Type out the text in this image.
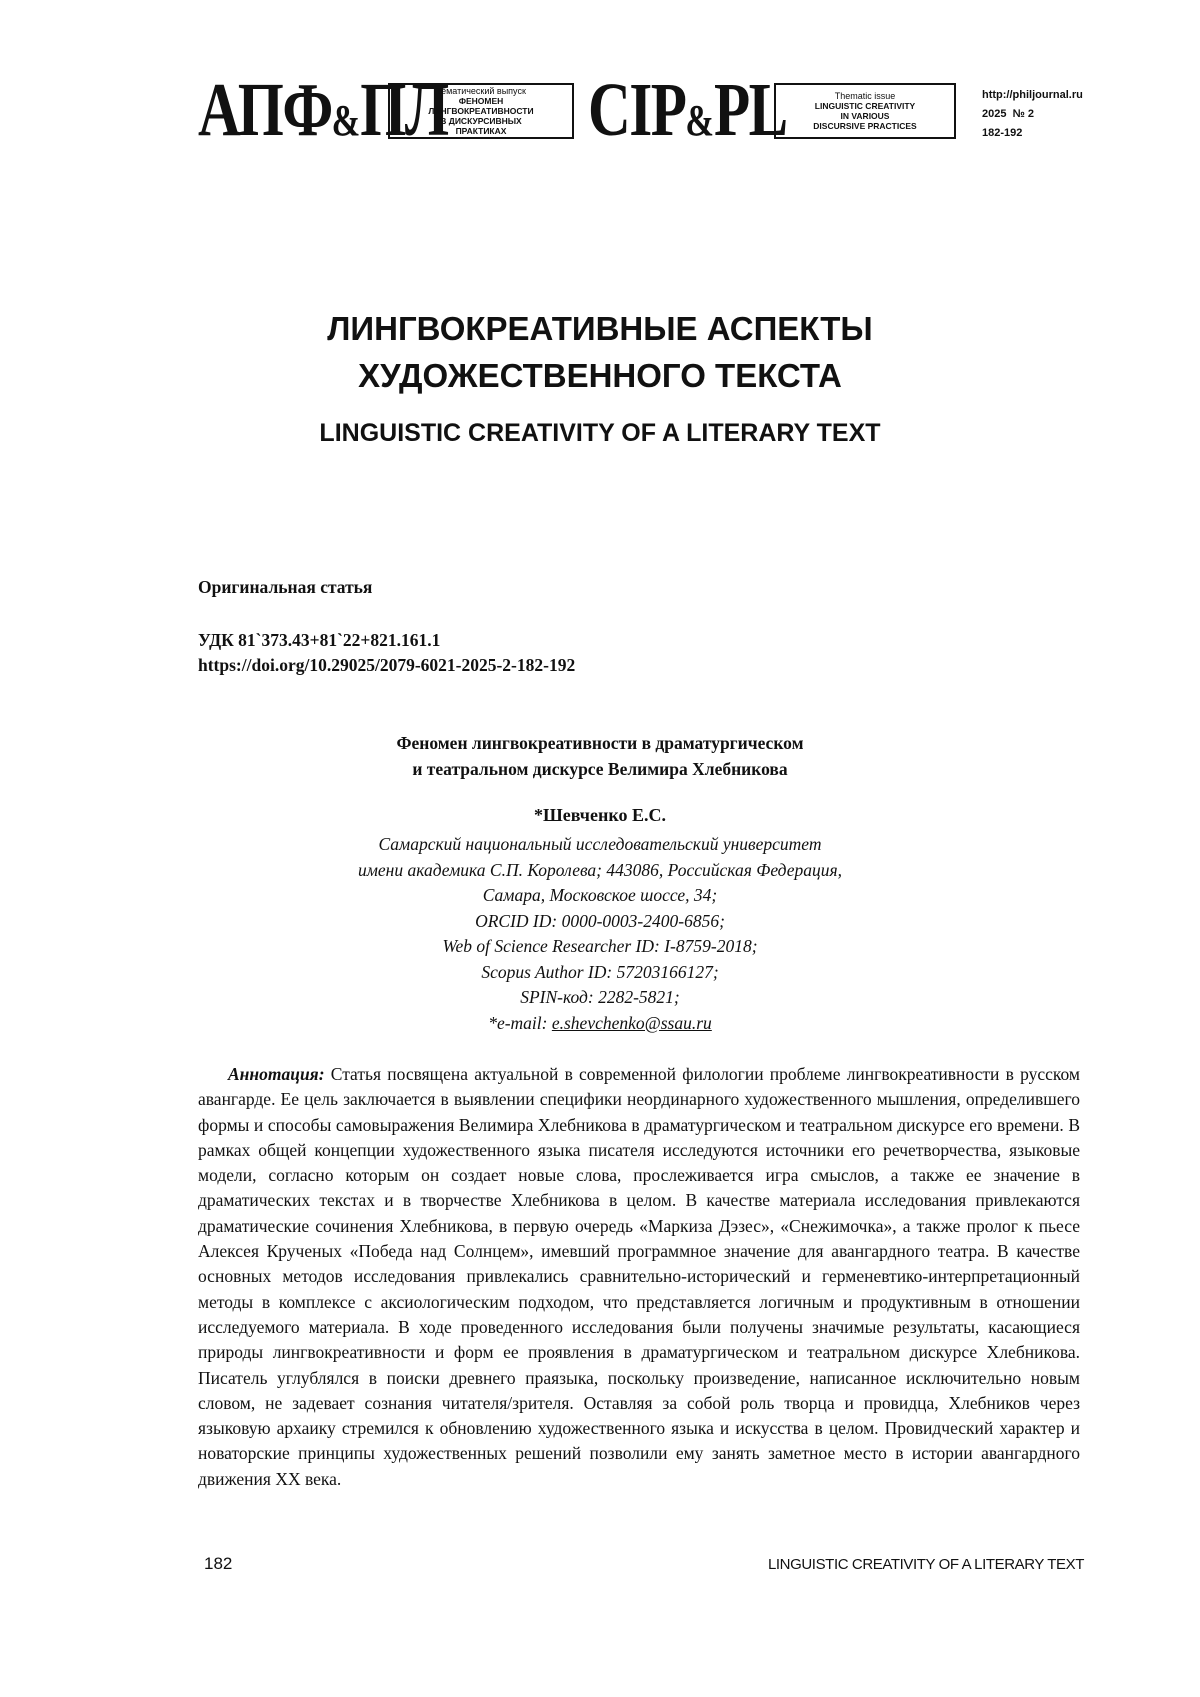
АПФ&ПЛ
Тематический выпуск
ФЕНОМЕН
ЛИНГВОКРЕАТИВНОСТИ
В ДИСКУРСИВНЫХ
ПРАКТИКАХ CIP&PL	Thematic issue
LINGUISTIC CREATIVITY
IN VARIOUS
DISCURSIVE PRACTICES
http://philjournal.ru
2025  № 2
182-192
ЛИНГВОКРЕАТИВНЫЕ АСПЕКТЫ
ХУДОЖЕСТВЕННОГО ТЕКСТА
LINGUISTIC CREATIVITY OF A LITERARY TEXT
Оригинальная статья
УДК 81`373.43+81`22+821.161.1
https://doi.org/10.29025/2079-6021-2025-2-182-192
Феномен лингвокреативности в драматургическом
и театральном дискурсе Велимира Хлебникова
*Шевченко Е.С.
Самарский национальный исследовательский университет
имени академика С.П. Королева; 443086, Российская Федерация,
Самара, Московское шоссе, 34;
ORCID ID: 0000-0003-2400-6856;
Web of Science Researcher ID: I-8759-2018;
Scopus Author ID: 57203166127;
SPIN-код: 2282-5821;
*e-mail: e.shevchenko@ssau.ru

Аннотация: Статья посвящена актуальной в современной филологии проблеме лингвокреативности в русском авангарде. Ее цель заключается в выявлении специфики неординарного художественного мышления, определившего формы и способы самовыражения Велимира Хлебникова в драматургическом и театральном дискурсе его времени. В рамках общей концепции художественного языка писателя исследуются источники его речетворчества, языковые модели, согласно которым он создает новые слова, прослеживается игра смыслов, а также ее значение в драматических текстах и в творчестве Хлебникова в целом. В качестве материала исследования привлекаются драматические сочинения Хлебникова, в первую очередь «Маркиза Дэзес», «Снежимочка», а также пролог к пьесе Алексея Крученых «Победа над Солнцем», имевший программное значение для авангардного театра. В качестве основных методов исследования привлекались сравнительно-исторический и герменевтико-интерпретационный методы в комплексе с аксиологическим подходом, что представляется логичным и продуктивным в отношении исследуемого материала. В ходе проведенного исследования были получены значимые результаты, касающиеся природы лингвокреативности и форм ее проявления в драматургическом и театральном дискурсе Хлебникова. Писатель углублялся в поиски древнего праязыка, поскольку произведение, написанное исключительно новым словом, не задевает сознания читателя/зрителя. Оставляя за собой роль творца и провидца, Хлебников через языковую архаику стремился к обновлению художественного языка и искусства в целом. Провидческий характер и новаторские принципы художественных решений позволили ему занять заметное место в истории авангардного движения XX века.

182	LINGUISTIC CREATIVITY OF A LITERARY TEXT
